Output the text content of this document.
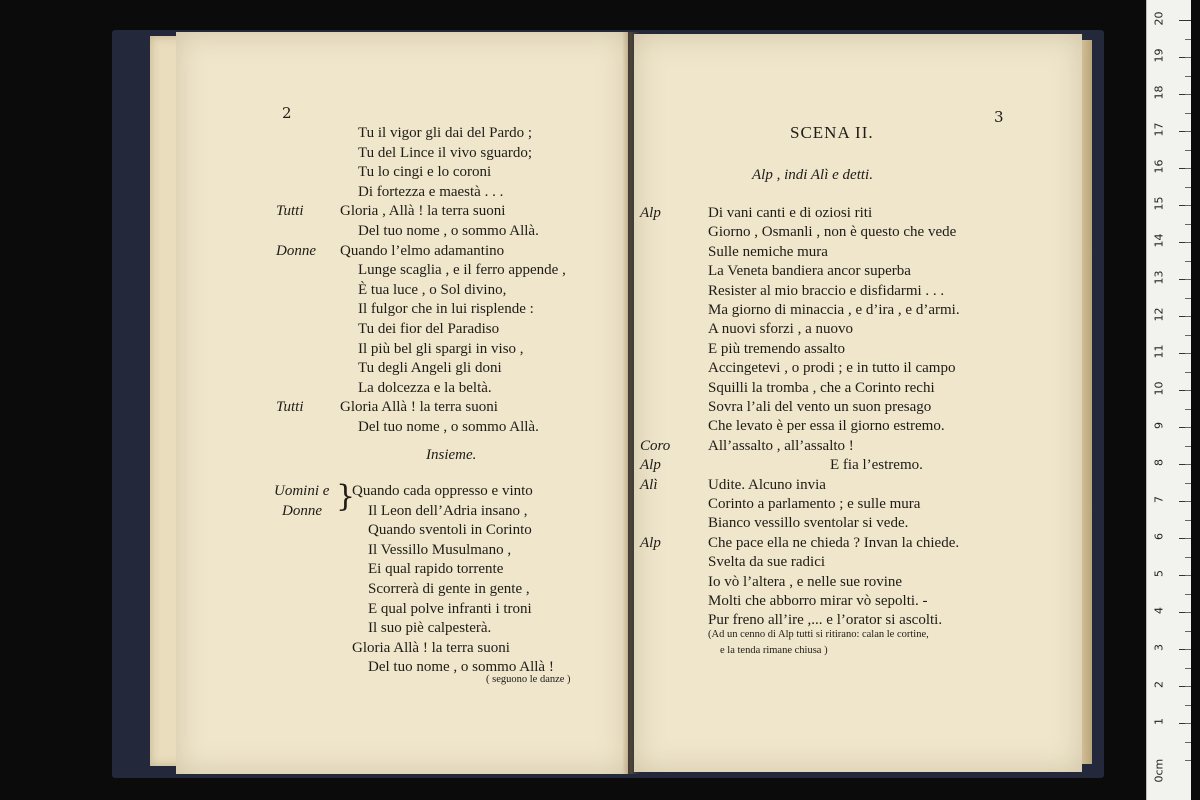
2
Tu il vigor gli dai del Pardo ;
Tu del Lince il vivo sguardo;
Tu lo cingi e lo coroni
Di fortezza e maestà . . .
Tutti Gloria , Allà ! la terra suoni
Del tuo nome , o sommo Allà.
Donne Quando l’elmo adamantino
Lunge scaglia , e il ferro appende ,
È tua luce , o Sol divino,
Il fulgor che in lui risplende :
Tu dei fior del Paradiso
Il più bel gli spargi in viso ,
Tu degli Angeli gli doni
La dolcezza e la beltà.
Tutti Gloria Allà ! la terra suoni
Del tuo nome , o sommo Allà.
Insieme.
Uomini e
Donne }
Quando cada oppresso e vinto
Il Leon dell’Adria insano ,
Quando sventoli in Corinto
Il Vessillo Musulmano ,
Ei qual rapido torrente
Scorrerà di gente in gente ,
E qual polve infranti i troni
Il suo piè calpesterà.
Gloria Allà ! la terra suoni
Del tuo nome , o sommo Allà !
( seguono le danze )
3
SCENA II.
Alp , indi Alì e detti.
Alp	Di vani canti e di oziosi riti
Giorno , Osmanli , non è questo che vede
Sulle nemiche mura
La Veneta bandiera ancor superba
Resister al mio braccio e disfidarmi . . .
Ma giorno di minaccia , e d’ira , e d’armi.
A nuovi sforzi , a nuovo
E più tremendo assalto
Accingetevi , o prodi ; e in tutto il campo
Squilli la tromba , che a Corinto rechi
Sovra l’ali del vento un suon presago
Che levato è per essa il giorno estremo.
Coro	All’assalto , all’assalto !
Alp	E fia l’estremo.
Alì	Udite. Alcuno invia
Corinto a parlamento ; e sulle mura
Bianco vessillo sventolar si vede.
Alp	Che pace ella ne chieda ? Invan la chiede.
Svelta da sue radici
Io vò l’altera , e nelle sue rovine
Molti che abborro mirar vò sepolti. -
Pur freno all’ire ,... e l’orator si ascolti.
(Ad un cenno di Alp tutti si ritirano: calan le cortine,
e la tenda rimane chiusa )
1
2
3
4
5
6
7
8
9
10
11
12
13
14
15
16
17
18
19
20
0cm
